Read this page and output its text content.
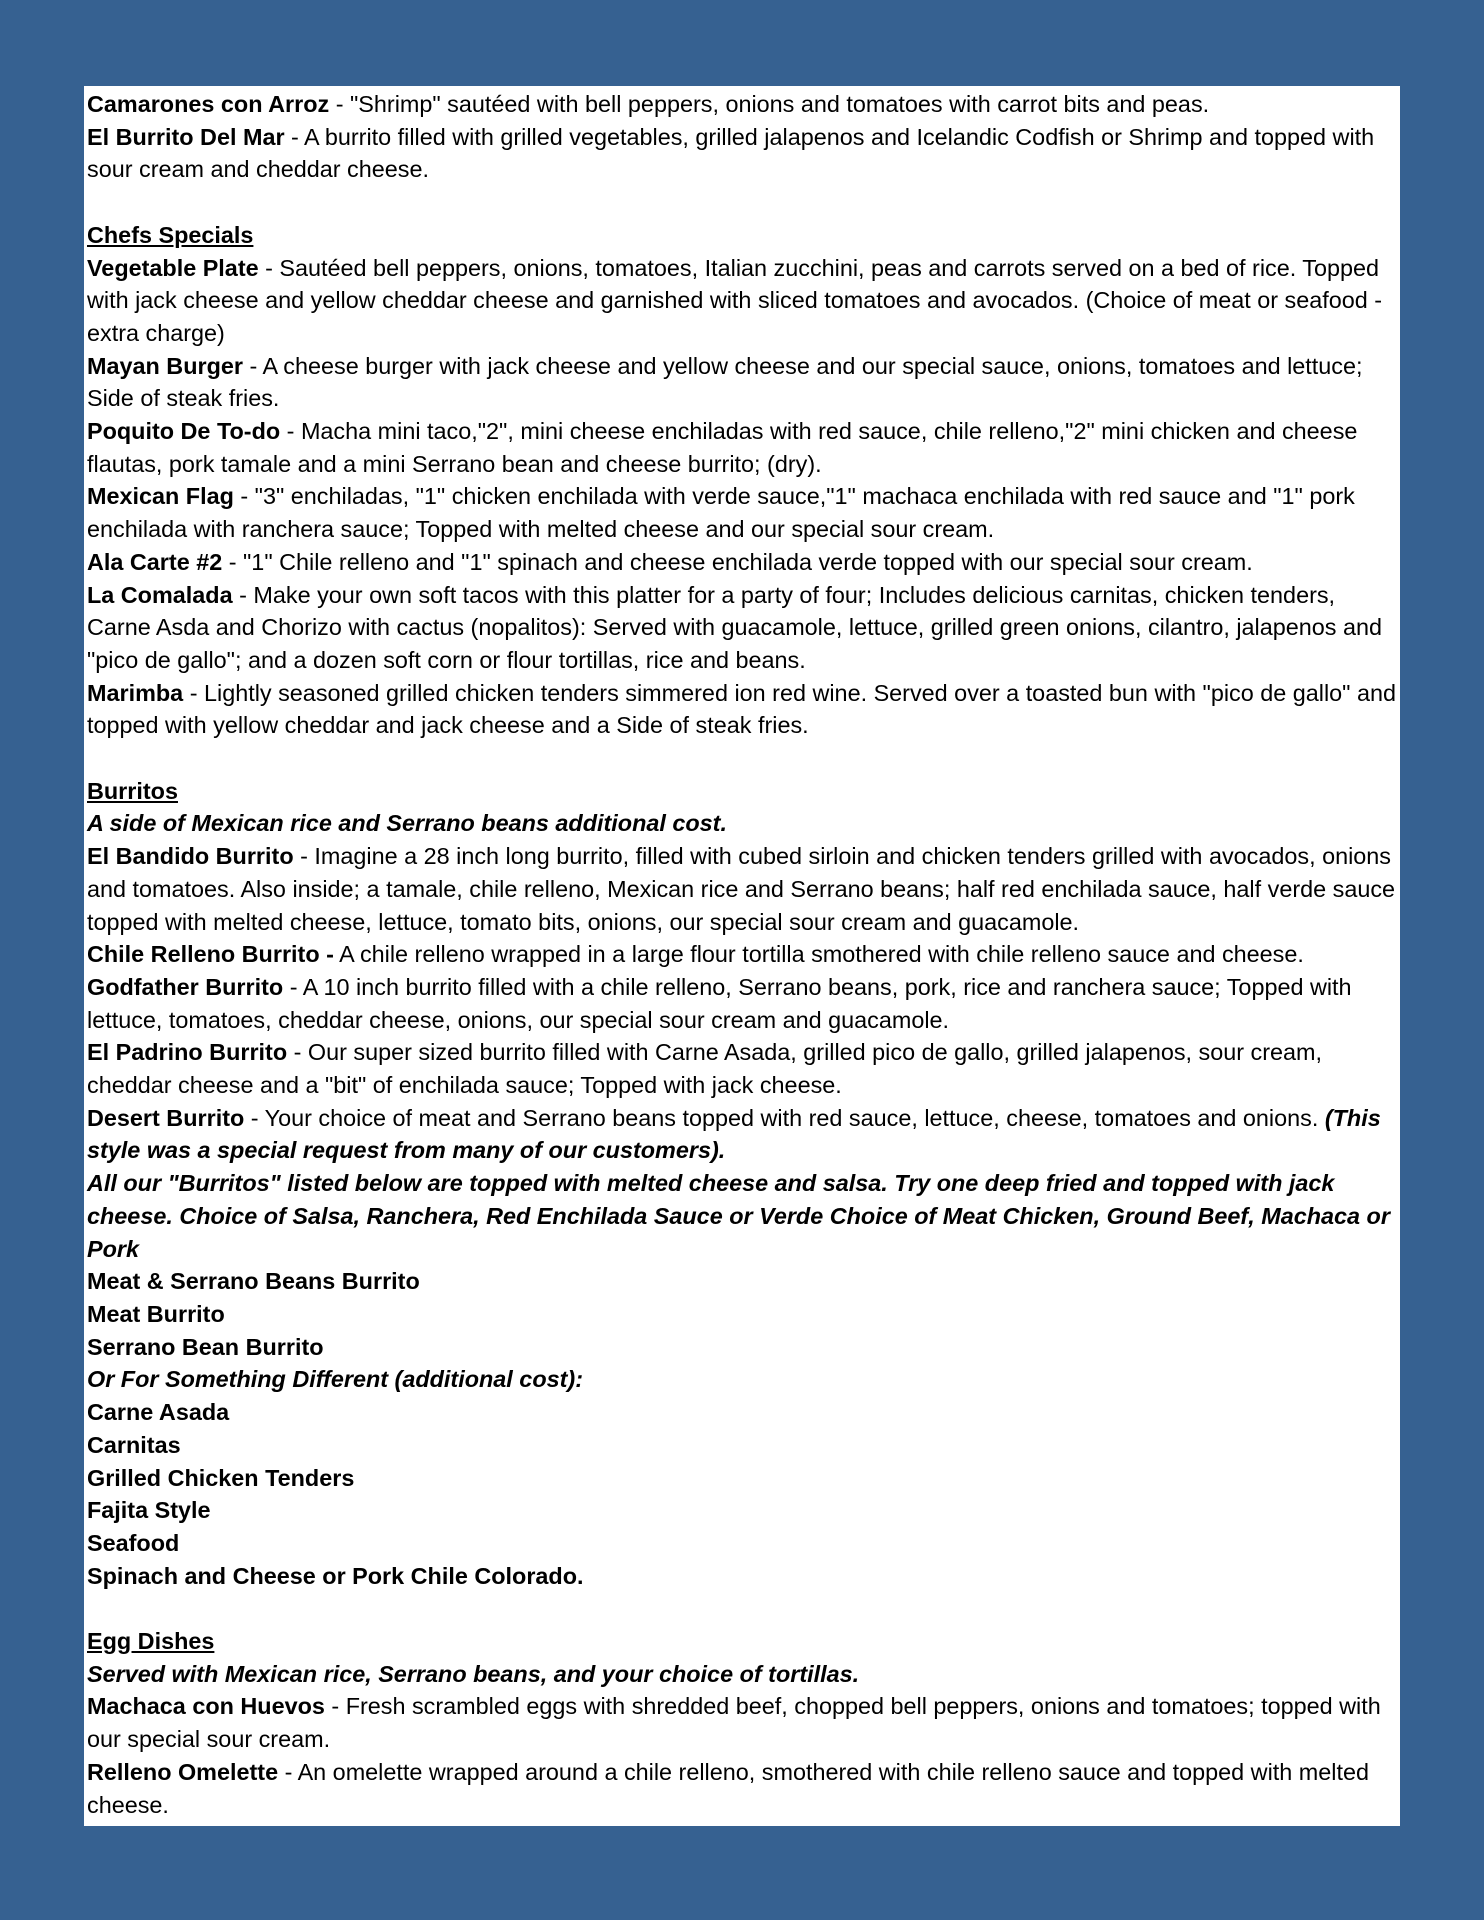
Camarones con Arroz - "Shrimp" sautéed with bell peppers, onions and tomatoes with carrot bits and peas.

El Burrito Del Mar - A burrito filled with grilled vegetables, grilled jalapenos and Icelandic Codfish or Shrimp and topped with sour cream and cheddar cheese.

Chefs Specials

Vegetable Plate - Sautéed bell peppers, onions, tomatoes, Italian zucchini, peas and carrots served on a bed of rice. Topped with jack cheese and yellow cheddar cheese and garnished with sliced tomatoes and avocados. (Choice of meat or seafood - extra charge)

Mayan Burger - A cheese burger with jack cheese and yellow cheese and our special sauce, onions, tomatoes and lettuce; Side of steak fries.

Poquito De To-do - Macha mini taco,"2", mini cheese enchiladas with red sauce, chile relleno,"2" mini chicken and cheese flautas, pork tamale and a mini Serrano bean and cheese burrito; (dry).

Mexican Flag - "3" enchiladas, "1" chicken enchilada with verde sauce,"1" machaca enchilada with red sauce and "1" pork enchilada with ranchera sauce; Topped with melted cheese and our special sour cream.

Ala Carte #2 - "1" Chile relleno and "1" spinach and cheese enchilada verde topped with our special sour cream.

La Comalada - Make your own soft tacos with this platter for a party of four; Includes delicious carnitas, chicken tenders, Carne Asda and Chorizo with cactus (nopalitos): Served with guacamole, lettuce, grilled green onions, cilantro, jalapenos and "pico de gallo"; and a dozen soft corn or flour tortillas, rice and beans.

Marimba - Lightly seasoned grilled chicken tenders simmered ion red wine. Served over a toasted bun with "pico de gallo" and topped with yellow cheddar and jack cheese and a Side of steak fries.

Burritos

A side of Mexican rice and Serrano beans additional cost.

El Bandido Burrito - Imagine a 28 inch long burrito, filled with cubed sirloin and chicken tenders grilled with avocados, onions and tomatoes. Also inside; a tamale, chile relleno, Mexican rice and Serrano beans; half red enchilada sauce, half verde sauce topped with melted cheese, lettuce, tomato bits, onions, our special sour cream and guacamole.

Chile Relleno Burrito - A chile relleno wrapped in a large flour tortilla smothered with chile relleno sauce and cheese.

Godfather Burrito - A 10 inch burrito filled with a chile relleno, Serrano beans, pork, rice and ranchera sauce; Topped with lettuce, tomatoes, cheddar cheese, onions, our special sour cream and guacamole.

El Padrino Burrito - Our super sized burrito filled with Carne Asada, grilled pico de gallo, grilled jalapenos, sour cream, cheddar cheese and a "bit" of enchilada sauce; Topped with jack cheese.

Desert Burrito - Your choice of meat and Serrano beans topped with red sauce, lettuce, cheese, tomatoes and onions. (This style was a special request from many of our customers).

All our "Burritos" listed below are topped with melted cheese and salsa. Try one deep fried and topped with jack cheese. Choice of Salsa, Ranchera, Red Enchilada Sauce or Verde Choice of Meat Chicken, Ground Beef, Machaca or Pork

Meat & Serrano Beans Burrito

Meat Burrito

Serrano Bean Burrito

Or For Something Different (additional cost):

Carne Asada

Carnitas

Grilled Chicken Tenders

Fajita Style

Seafood

Spinach and Cheese or Pork Chile Colorado.

Egg Dishes

Served with Mexican rice, Serrano beans, and your choice of tortillas.

Machaca con Huevos - Fresh scrambled eggs with shredded beef, chopped bell peppers, onions and tomatoes; topped with our special sour cream.

Relleno Omelette - An omelette wrapped around a chile relleno, smothered with chile relleno sauce and topped with melted cheese.
